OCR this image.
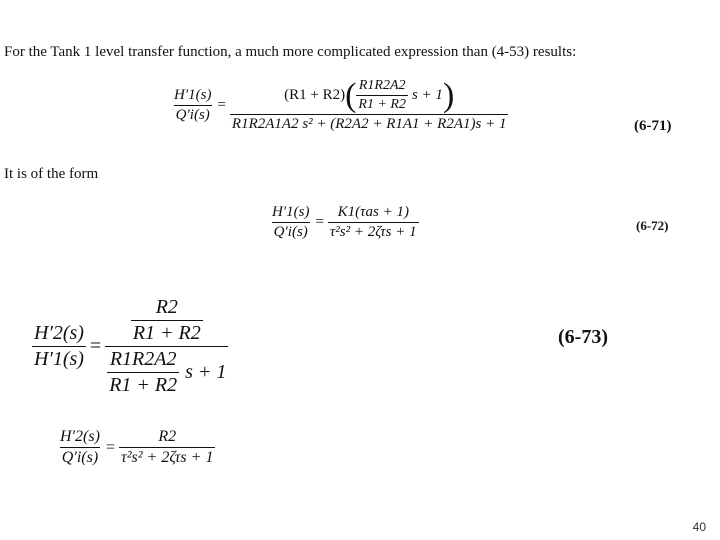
For the Tank 1 level transfer function, a much more complicated expression than (4-53) results:
$\frac{H'1(s)}{Q'i(s)}$ =
(R1 + R2) ( $\frac{R1R2A2}{R1 + R2}$ s + 1 )
R1R2A1A2 s² + (R2A2 + R1A1 + R2A1)s + 1	(6-71)
It is of the form
$\frac{H'1(s)}{Q'i(s)} = \frac{\text{K1(τas + 1)}}{\text{τ²s² + 2ζτs + 1}}$	(6-72)
$\frac{H'2(s)}{H'1(s)} = \frac{\frac{R2}{R1 + R2}}{\frac{R1R2A2}{R1 + R2} s + 1}$	(6-73)
$\frac{H'2(s)}{Q'i(s)} = \frac{R2}{\text{τ²s² + 2ζτs + 1}}$
40
